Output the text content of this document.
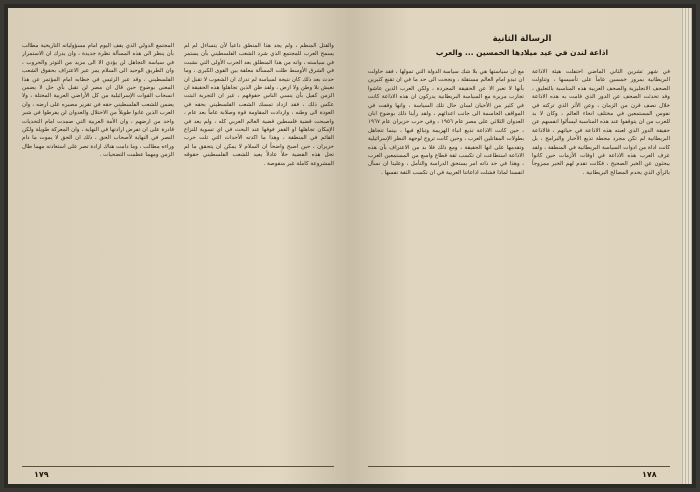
والقتل المنظم ، ولم يجد هذا المنطق داعياً لأن يتساءل لم لم يسمح العرب للمجتمع الذي شرد الشعب الفلسطيني بأن يستمر في سياسته ، وانه من هذا المنطلق بعد الحرب الأولى التي نشبت في الشرق الأوسط ظلت المسألة معلقة بين القوى الكبرى ، وما حدث بعد ذلك كان نتيجة لسياسة لم تدرك ان الشعوب لا تقبل ان تعيش بلا وطن ولا ارض ، ولقد ظن الذين تجاهلوا هذه الحقيقة ان الزمن كفيل بأن ينسي الناس حقوقهم ، غير ان التجربة اثبتت عكس ذلك ، فقد ازداد تمسك الشعب الفلسطيني بحقه في العودة الى وطنه ، وازدادت المقاومة قوة وصلابة عاماً بعد عام ، واصبحت قضية فلسطين قضية العالم العربي كله ، ولم يعد في الإمكان تجاهلها او القفز فوقها عند البحث في اي تسوية للنزاع القائم في المنطقة ، وهذا ما اكدته الأحداث التي تلت حرب حزيران ، حين اصبح واضحاً ان السلام لا يمكن ان يتحقق ما لم تحل هذه القضية حلاً عادلاً يعيد للشعب الفلسطيني حقوقه المشروعة كاملة غير منقوصة .

المجتمع الدولي الذي يقف اليوم امام مسؤولياته التاريخية مطالب بأن ينظر الى هذه المسألة نظرة جديدة ، وان يدرك ان الاستمرار في سياسة التجاهل لن يؤدي الا الى مزيد من التوتر والحروب ، وان الطريق الوحيد الى السلام يمر عبر الاعتراف بحقوق الشعب الفلسطيني ، وقد عبر الرئيس في خطابه امام المؤتمر عن هذا المعنى بوضوح حين قال ان مصر لن تقبل بأي حل لا يضمن انسحاب القوات الإسرائيلية من كل الأراضي العربية المحتلة ، ولا يضمن للشعب الفلسطيني حقه في تقرير مصيره على ارضه ، وان العرب الذين عانوا طويلاً من الاحتلال والعدوان لن يفرطوا في شبر واحد من ارضهم ، وان الأمة العربية التي صمدت امام التحديات قادرة على ان تفرض ارادتها في النهاية ، وان المعركة طويلة ولكن النصر في النهاية لأصحاب الحق ، ذلك ان الحق لا يموت ما دام وراءه مطالب ، وما دامت هناك ارادة تصر على استعادته مهما طال الزمن ومهما عظمت التضحيات .

١٧٩

في شهر تشرين الثاني الماضي احتفلت هيئة الاذاعة البريطانية بمرور خمسين عاماً على تأسيسها ، وتناولت الصحف الانجليزية والصحف العربية هذه المناسبة بالتعليق ، وقد تحدثت الصحف عن الدور الذي قامت به هذه الاذاعة خلال نصف قرن من الزمان ، وعن الأثر الذي تركته في نفوس المستمعين في مختلف انحاء العالم ، وكان لا بد للعرب من ان يتوقفوا عند هذه المناسبة ليسألوا انفسهم عن حقيقة الدور الذي لعبته هذه الاذاعة في حياتهم ، فالاذاعة البريطانية لم تكن مجرد محطة تذيع الأخبار والبرامج ، بل كانت اداة من ادوات السياسة البريطانية في المنطقة ، ولقد عرف العرب هذه الاذاعة في اوقات الأزمات حين كانوا يبحثون عن الخبر الصحيح ، فكانت تقدم لهم الخبر ممزوجاً بالرأي الذي يخدم المصالح البريطانية .

مع ان سياستها هي بلا شك سياسة الدولة التي تمولها ، فقد حاولت ان تبدو امام العالم مستقلة ، ونجحت الى حد ما في ان تقنع كثيرين بأنها لا تعبر الا عن الحقيقة المجردة ، ولكن العرب الذين عاشوا تجارب مريرة مع السياسة البريطانية يدركون ان هذه الاذاعة كانت في كثير من الأحيان لسان حال تلك السياسة ، وانها وقفت في المواقف الحاسمة الى جانب اعدائهم ، ولقد رأينا ذلك بوضوح ابان العدوان الثلاثي على مصر عام ١٩٥٦ ، وفي حرب حزيران عام ١٩٦٧ ، حين كانت الاذاعة تذيع انباء الهزيمة وتبالغ فيها ، بينما تتجاهل بطولات المقاتلين العرب ، وحين كانت تروج لوجهة النظر الإسرائيلية وتقدمها على انها الحقيقة ، ومع ذلك فلا بد من الاعتراف بأن هذه الاذاعة استطاعت ان تكسب ثقة قطاع واسع من المستمعين العرب ، وهذا في حد ذاته امر يستحق الدراسة والتأمل ، وعلينا ان نسأل انفسنا لماذا فشلت اذاعاتنا العربية في ان تكسب الثقة نفسها .

١٧٨
الرسالة الثانية
اذاعة لندن في عيد ميلادها الخمسين ... والعرب
